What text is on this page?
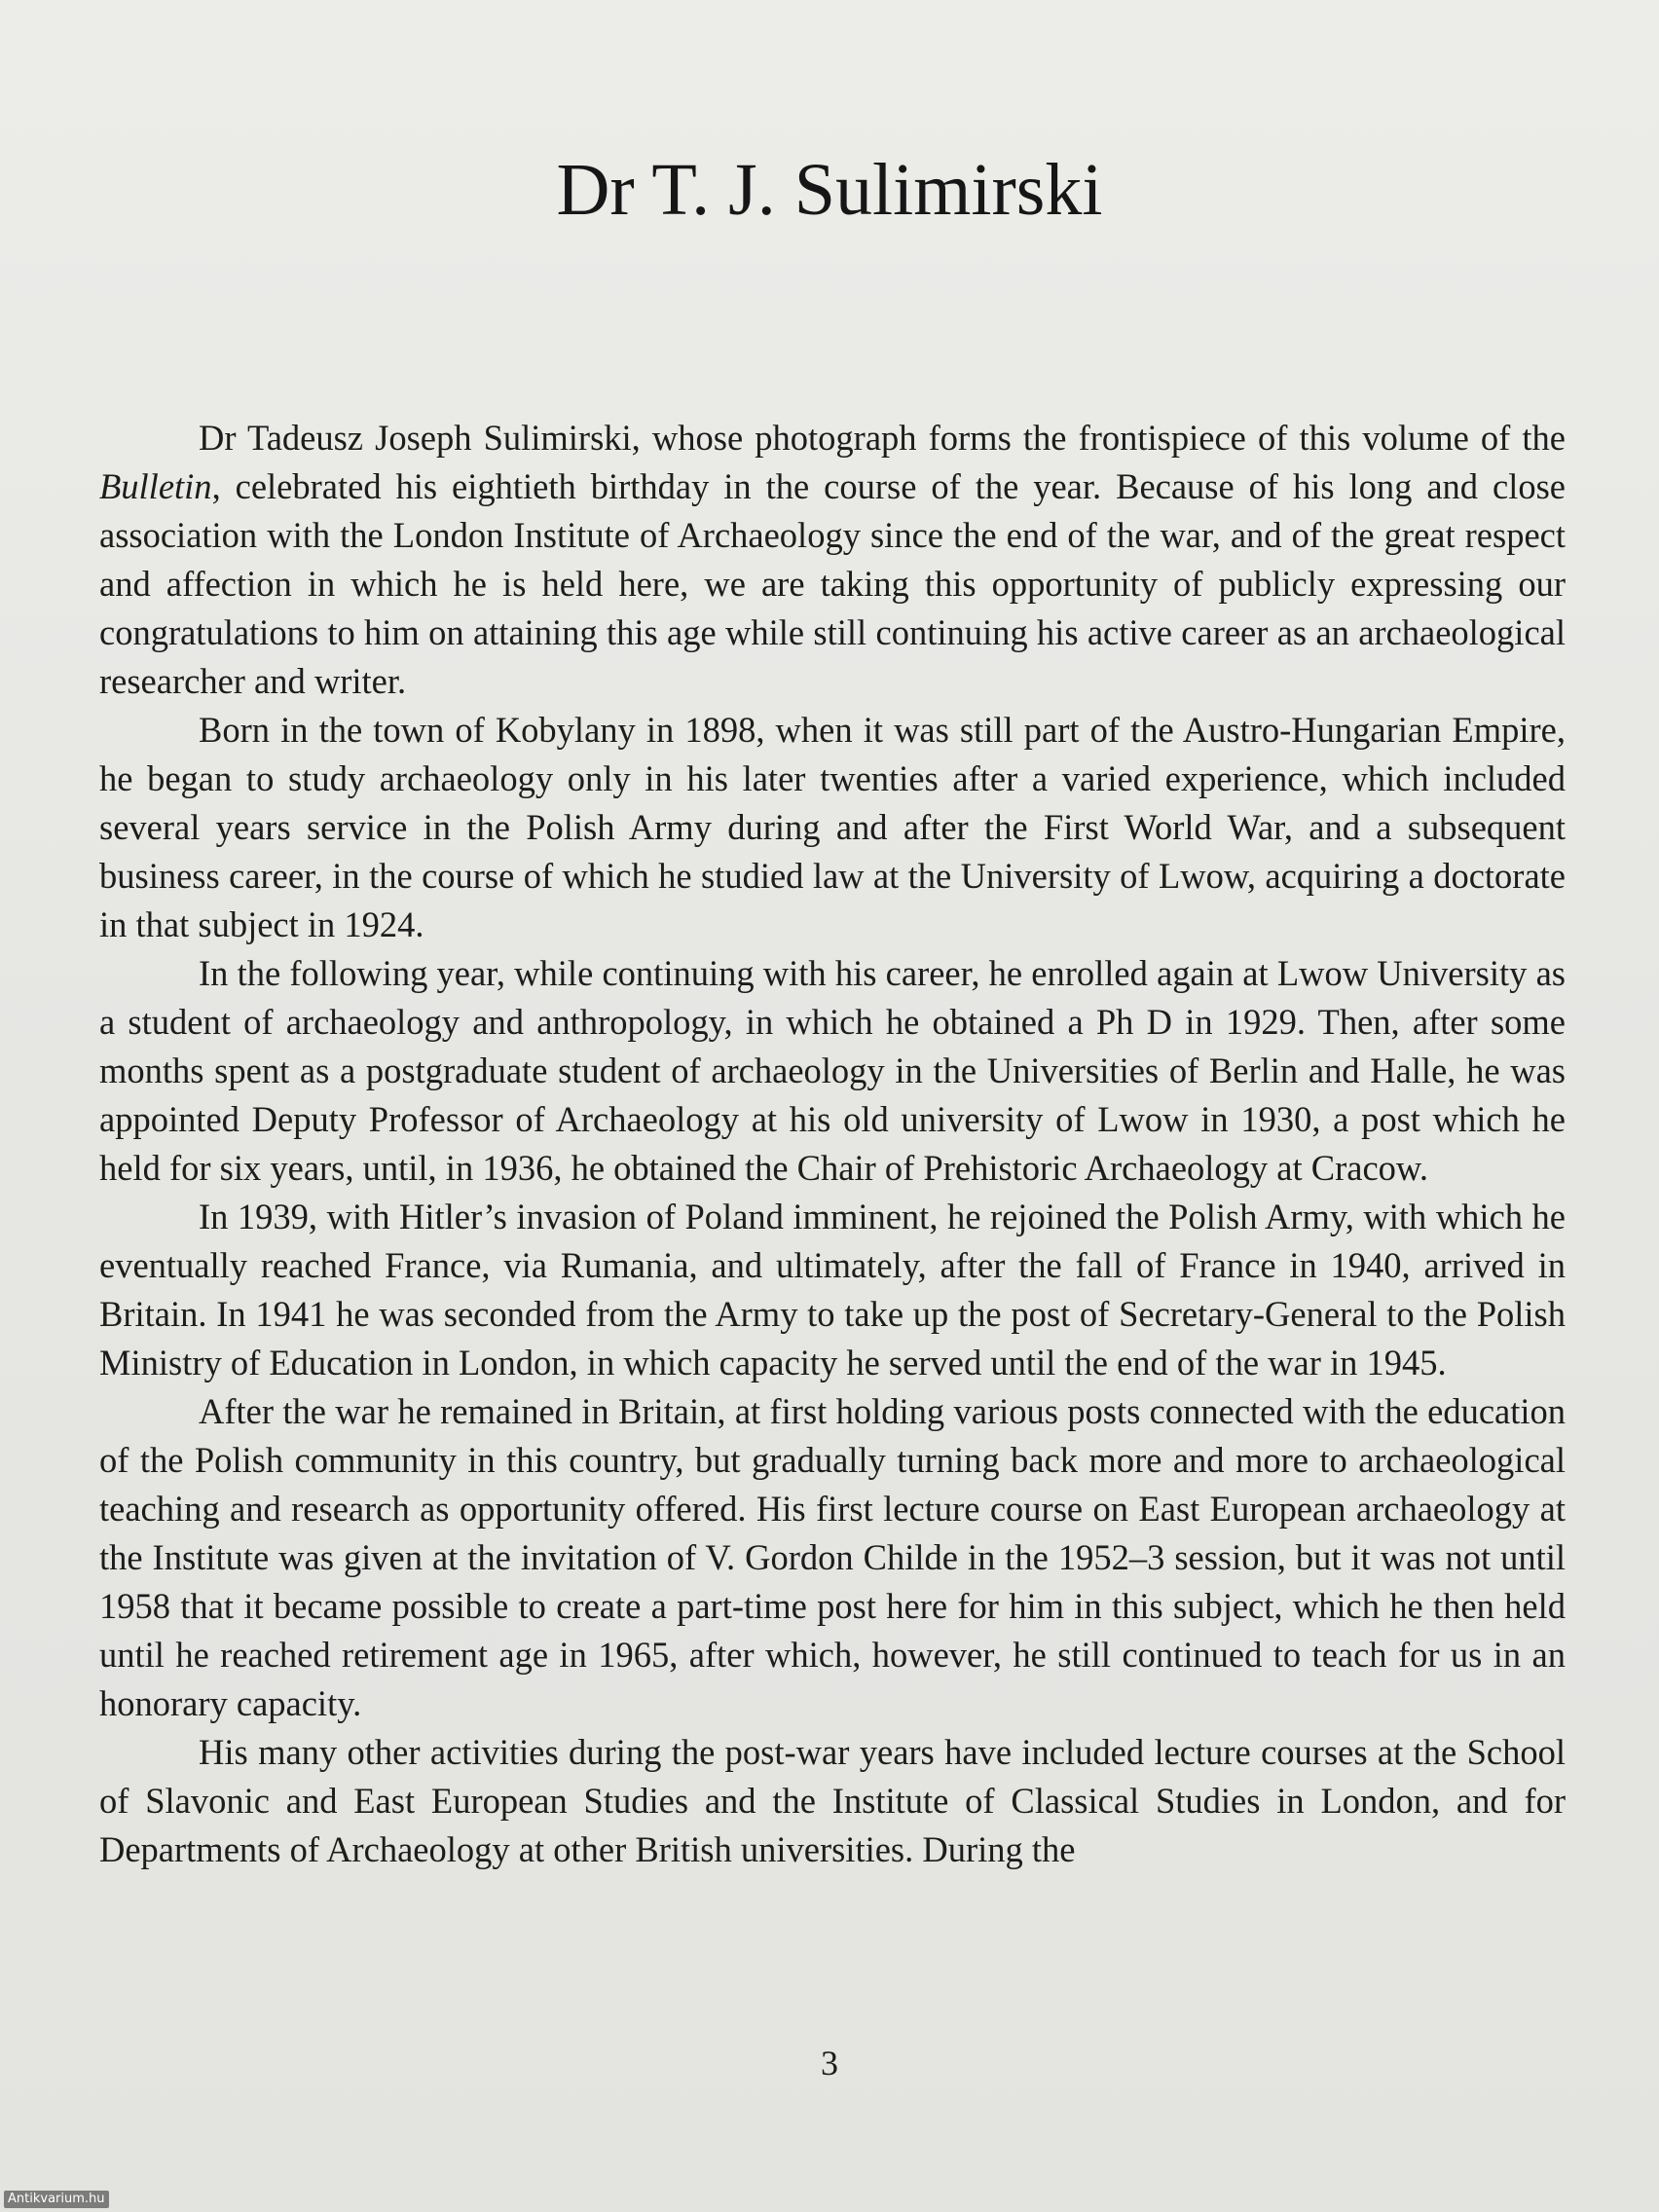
Dr T. J. Sulimirski

Dr Tadeusz Joseph Sulimirski, whose photograph forms the frontispiece of this volume of the Bulletin, celebrated his eightieth birthday in the course of the year. Because of his long and close association with the London Institute of Archaeology since the end of the war, and of the great respect and affection in which he is held here, we are taking this opportunity of publicly expressing our congratulations to him on attaining this age while still continuing his active career as an archaeological researcher and writer.

Born in the town of Kobylany in 1898, when it was still part of the Austro-Hungarian Empire, he began to study archaeology only in his later twenties after a varied experience, which included several years service in the Polish Army during and after the First World War, and a subsequent business career, in the course of which he studied law at the University of Lwow, acquiring a doctorate in that subject in 1924.

In the following year, while continuing with his career, he enrolled again at Lwow University as a student of archaeology and anthropology, in which he obtained a Ph D in 1929. Then, after some months spent as a postgraduate student of archaeology in the Universities of Berlin and Halle, he was appointed Deputy Professor of Archaeology at his old university of Lwow in 1930, a post which he held for six years, until, in 1936, he obtained the Chair of Prehistoric Archaeology at Cracow.

In 1939, with Hitler’s invasion of Poland imminent, he rejoined the Polish Army, with which he eventually reached France, via Rumania, and ultimately, after the fall of France in 1940, arrived in Britain. In 1941 he was seconded from the Army to take up the post of Secretary-General to the Polish Ministry of Education in London, in which capacity he served until the end of the war in 1945.

After the war he remained in Britain, at first holding various posts connected with the education of the Polish community in this country, but gradually turning back more and more to archaeological teaching and research as opportunity offered. His first lecture course on East European archaeology at the Institute was given at the invitation of V. Gordon Childe in the 1952–3 session, but it was not until 1958 that it became possible to create a part-time post here for him in this subject, which he then held until he reached retirement age in 1965, after which, however, he still continued to teach for us in an honorary capacity.

His many other activities during the post-war years have included lecture courses at the School of Slavonic and East European Studies and the Institute of Classical Studies in London, and for Departments of Archaeology at other British universities. During the

3
Antikvarium.hu
